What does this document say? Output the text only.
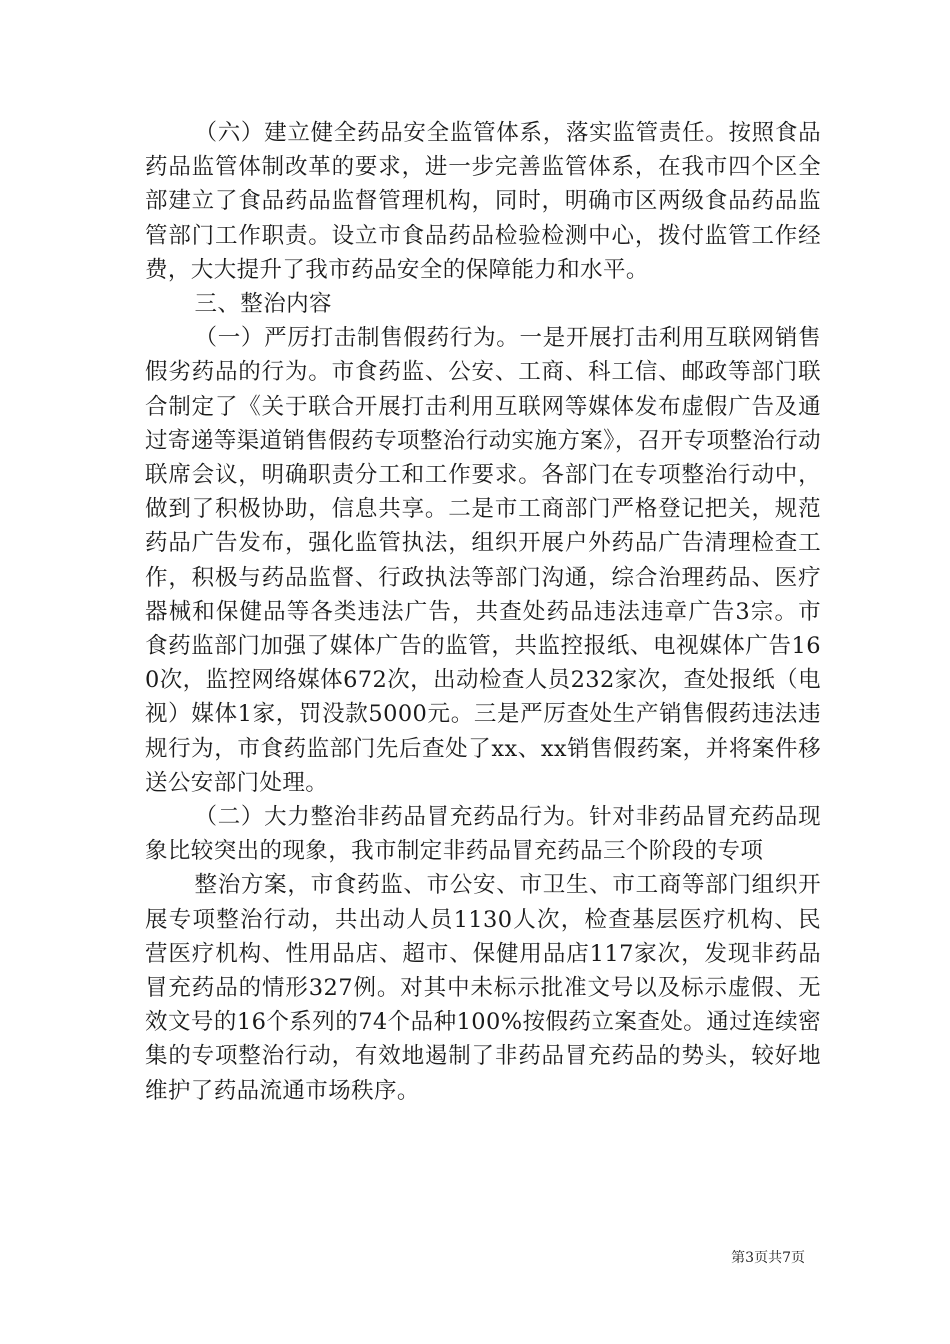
（六）建立健全药品安全监管体系，落实监管责任。按照食品药品监管体制改革的要求，进一步完善监管体系，在我市四个区全部建立了食品药品监督管理机构，同时，明确市区两级食品药品监管部门工作职责。设立市食品药品检验检测中心，拨付监管工作经费，大大提升了我市药品安全的保障能力和水平。

三、整治内容

（一）严厉打击制售假药行为。一是开展打击利用互联网销售假劣药品的行为。市食药监、公安、工商、科工信、邮政等部门联合制定了《关于联合开展打击利用互联网等媒体发布虚假广告及通过寄递等渠道销售假药专项整治行动实施方案》，召开专项整治行动联席会议，明确职责分工和工作要求。各部门在专项整治行动中，做到了积极协助，信息共享。二是市工商部门严格登记把关，规范药品广告发布，强化监管执法，组织开展户外药品广告清理检查工作，积极与药品监督、行政执法等部门沟通，综合治理药品、医疗器械和保健品等各类违法广告，共查处药品违法违章广告3宗。市食药监部门加强了媒体广告的监管，共监控报纸、电视媒体广告160次，监控网络媒体672次，出动检查人员232家次，查处报纸（电视）媒体1家，罚没款5000元。三是严厉查处生产销售假药违法违规行为，市食药监部门先后查处了xx、xx销售假药案，并将案件移送公安部门处理。

（二）大力整治非药品冒充药品行为。针对非药品冒充药品现象比较突出的现象，我市制定非药品冒充药品三个阶段的专项

整治方案，市食药监、市公安、市卫生、市工商等部门组织开展专项整治行动，共出动人员1130人次，检查基层医疗机构、民营医疗机构、性用品店、超市、保健用品店117家次，发现非药品冒充药品的情形327例。对其中未标示批准文号以及标示虚假、无效文号的16个系列的74个品种100%按假药立案查处。通过连续密集的专项整治行动，有效地遏制了非药品冒充药品的势头，较好地维护了药品流通市场秩序。

第3页共7页
